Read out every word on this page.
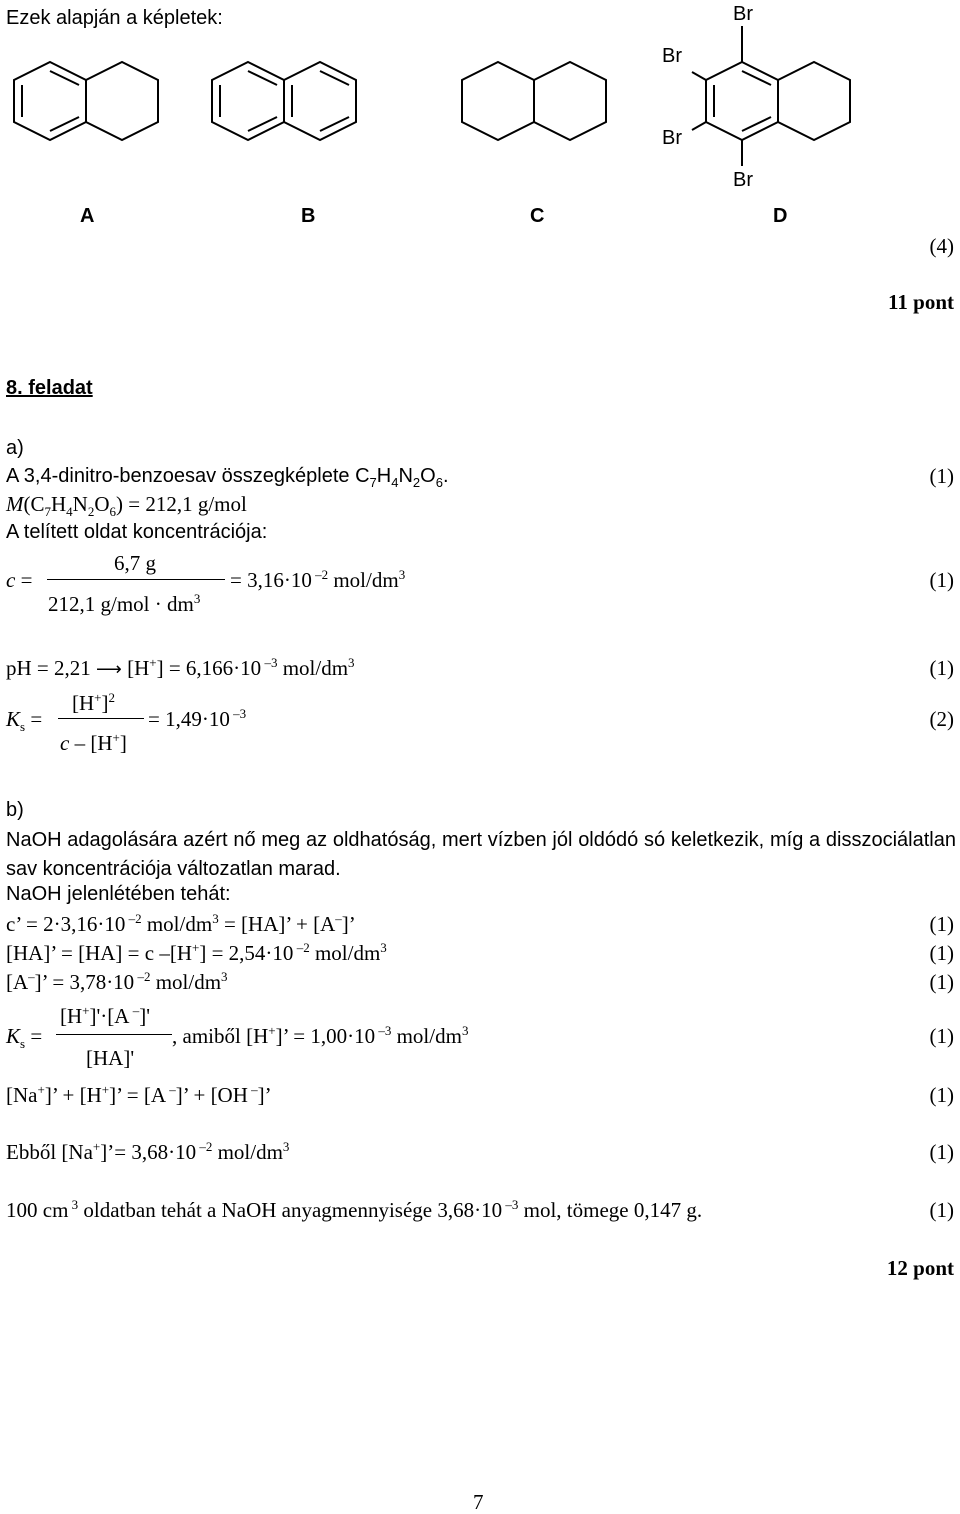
Ezek alapján a képletek:	Br
Br
Br
Br
A	B	C	D
(4)
11 pont
8. feladat
a)
A 3,4-dinitro-benzoesav összegképlete $C_7H_4N_2O_6$.	(1)
$M(C_7H_4N_2O_6) = 212,1$ g/mol
A telített oldat koncentrációja:
c =
6,7 g
212,1 $g/mol \cdot dm^3$
= 3,16·10 $^{-2}$ mol/$dm^3$	(1)
pH = 2,21 ⟶ [H+] = 6,166·10 $^{-3}$ mol/$dm^3$	(1)
$K_s$ =
$[H^+]^2$
c – [H+]
= 1,49·10 $^{-3}$	(2)
b)
NaOH adagolására azért nő meg az oldhatóság, mert vízben jól oldódó só keletkezik, míg a disszociálatlan sav koncentrációja változatlan marad.
NaOH jelenlétében tehát:
c’ = 2·3,16·10 $^{-2}$ mol/$dm^3 = [HA]$’ + [A–]’	(1)
[HA]’ = [HA] = c –[H+] = 2,54·10 $^{-2}$ mol/$dm^3$	(1)
[A–]’ = 3,78·10 $^{-2}$ mol/$dm^3$	(1)
$K_s$ =
[H+]'·[A –]'
[HA]'
, amiből [H+]’ = 1,00·10 $^{-3}$ mol/$dm^3$	(1)
[Na+]’ + [H+]’ = [A –]’ + [OH –]’	(1)
Ebből [Na+]’= 3,68·10 $^{-2}$ mol/$dm^3$	(1)
100 cm $^3$ oldatban tehát a NaOH anyagmennyisége 3,68·10 $^{-3}$ mol, tömege 0,147 g.	(1)
12 pont
7
